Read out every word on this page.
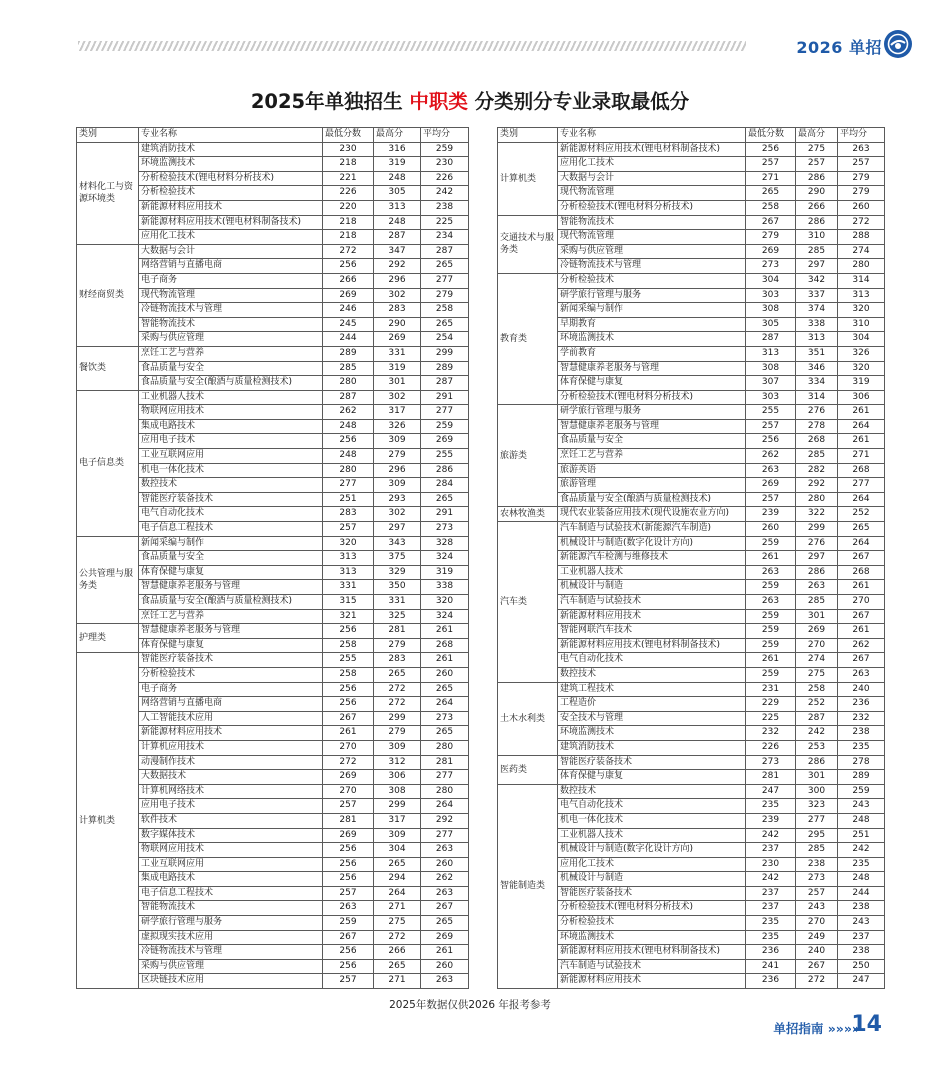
2026 单招
2025年单独招生 中职类 分类别分专业录取最低分
类别	专业名称	最低分数	最高分	平均分
材料化工与资源环境类	建筑消防技术	230	316	259
	环境监测技术	218	319	230
	分析检验技术(锂电材料分析技术)	221	248	226
	分析检验技术	226	305	242
	新能源材料应用技术	220	313	238
	新能源材料应用技术(锂电材料制备技术)	218	248	225
	应用化工技术	218	287	234
财经商贸类	大数据与会计	272	347	287
	网络营销与直播电商	256	292	265
	电子商务	266	296	277
	现代物流管理	269	302	279
	冷链物流技术与管理	246	283	258
	智能物流技术	245	290	265
	采购与供应管理	244	269	254
餐饮类	烹饪工艺与营养	289	331	299
	食品质量与安全	285	319	289
	食品质量与安全(酿酒与质量检测技术)	280	301	287
电子信息类	工业机器人技术	287	302	291
	物联网应用技术	262	317	277
	集成电路技术	248	326	259
	应用电子技术	256	309	269
	工业互联网应用	248	279	255
	机电一体化技术	280	296	286
	数控技术	277	309	284
	智能医疗装备技术	251	293	265
	电气自动化技术	283	302	291
	电子信息工程技术	257	297	273
公共管理与服务类	新闻采编与制作	320	343	328
	食品质量与安全	313	375	324
	体育保健与康复	313	329	319
	智慧健康养老服务与管理	331	350	338
	食品质量与安全(酿酒与质量检测技术)	315	331	320
	烹饪工艺与营养	321	325	324
护理类	智慧健康养老服务与管理	256	281	261
	体育保健与康复	258	279	268
计算机类	智能医疗装备技术	255	283	261
	分析检验技术	258	265	260
	电子商务	256	272	265
	网络营销与直播电商	256	272	264
	人工智能技术应用	267	299	273
	新能源材料应用技术	261	279	265
	计算机应用技术	270	309	280
	动漫制作技术	272	312	281
	大数据技术	269	306	277
	计算机网络技术	270	308	280
	应用电子技术	257	299	264
	软件技术	281	317	292
	数字媒体技术	269	309	277
	物联网应用技术	256	304	263
	工业互联网应用	256	265	260
	集成电路技术	256	294	262
	电子信息工程技术	257	264	263
	智能物流技术	263	271	267
	研学旅行管理与服务	259	275	265
	虚拟现实技术应用	267	272	269
	冷链物流技术与管理	256	266	261
	采购与供应管理	256	265	260
	区块链技术应用	257	271	263
类别	专业名称	最低分数	最高分	平均分
计算机类	新能源材料应用技术(锂电材料制备技术)	256	275	263
	应用化工技术	257	257	257
	大数据与会计	271	286	279
	现代物流管理	265	290	279
	分析检验技术(锂电材料分析技术)	258	266	260
交通技术与服务类	智能物流技术	267	286	272
	现代物流管理	279	310	288
	采购与供应管理	269	285	274
	冷链物流技术与管理	273	297	280
教育类	分析检验技术	304	342	314
	研学旅行管理与服务	303	337	313
	新闻采编与制作	308	374	320
	早期教育	305	338	310
	环境监测技术	287	313	304
	学前教育	313	351	326
	智慧健康养老服务与管理	308	346	320
	体育保健与康复	307	334	319
	分析检验技术(锂电材料分析技术)	303	314	306
旅游类	研学旅行管理与服务	255	276	261
	智慧健康养老服务与管理	257	278	264
	食品质量与安全	256	268	261
	烹饪工艺与营养	262	285	271
	旅游英语	263	282	268
	旅游管理	269	292	277
	食品质量与安全(酿酒与质量检测技术)	257	280	264
农林牧渔类	现代农业装备应用技术(现代设施农业方向)	239	322	252
汽车类	汽车制造与试验技术(新能源汽车制造)	260	299	265
	机械设计与制造(数字化设计方向)	259	276	264
	新能源汽车检测与维修技术	261	297	267
	工业机器人技术	263	286	268
	机械设计与制造	259	263	261
	汽车制造与试验技术	263	285	270
	新能源材料应用技术	259	301	267
	智能网联汽车技术	259	269	261
	新能源材料应用技术(锂电材料制备技术)	259	270	262
	电气自动化技术	261	274	267
	数控技术	259	275	263
土木水利类	建筑工程技术	231	258	240
	工程造价	229	252	236
	安全技术与管理	225	287	232
	环境监测技术	232	242	238
	建筑消防技术	226	253	235
医药类	智能医疗装备技术	273	286	278
	体育保健与康复	281	301	289
智能制造类	数控技术	247	300	259
	电气自动化技术	235	323	243
	机电一体化技术	239	277	248
	工业机器人技术	242	295	251
	机械设计与制造(数字化设计方向)	237	285	242
	应用化工技术	230	238	235
	机械设计与制造	242	273	248
	智能医疗装备技术	237	257	244
	分析检验技术(锂电材料分析技术)	237	243	238
	分析检验技术	235	270	243
	环境监测技术	235	249	237
	新能源材料应用技术(锂电材料制备技术)	236	240	238
	汽车制造与试验技术	241	267	250
	新能源材料应用技术	236	272	247
2025年数据仅供2026 年报考参考
单招指南 »»»»
14
